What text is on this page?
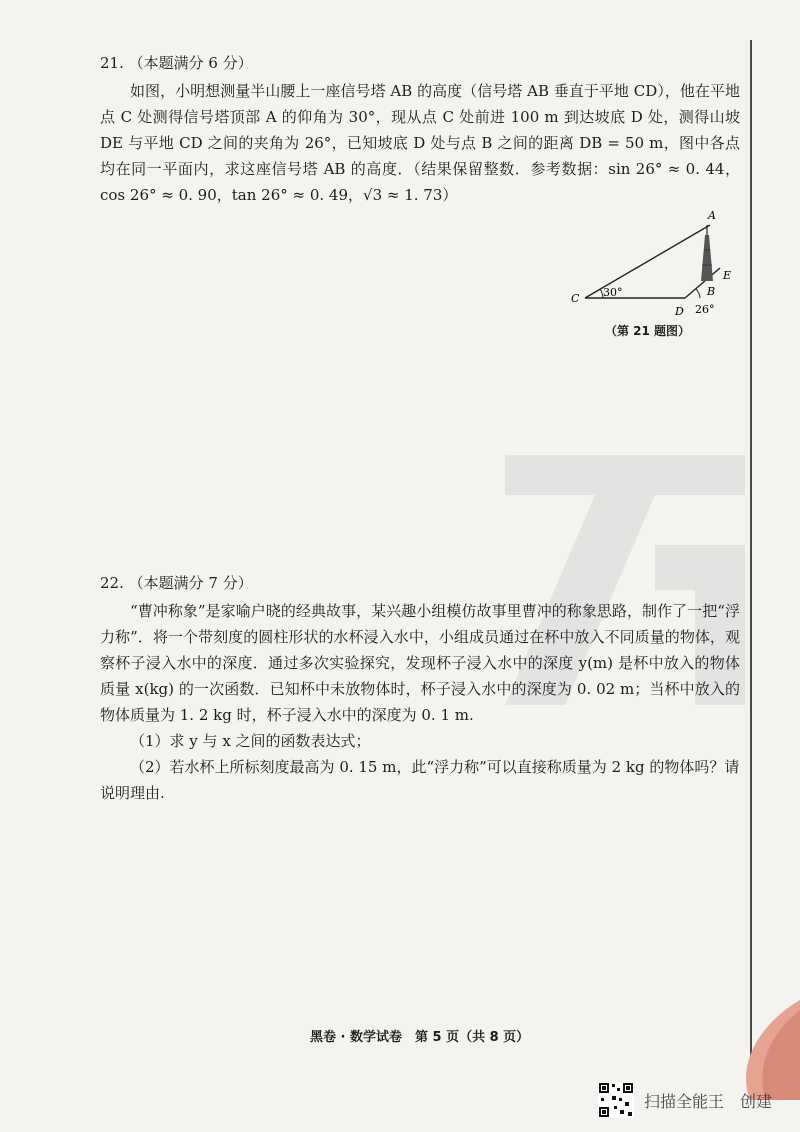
21. （本题满分 6 分）

如图，小明想测量半山腰上一座信号塔 AB 的高度（信号塔 AB 垂直于平地 CD），他在平地点 C 处测得信号塔顶部 A 的仰角为 30°，现从点 C 处前进 100 m 到达坡底 D 处，测得山坡 DE 与平地 CD 之间的夹角为 26°，已知坡底 D 处与点 B 之间的距离 DB = 50 m，图中各点均在同一平面内，求这座信号塔 AB 的高度．（结果保留整数．参考数据：sin 26° ≈ 0. 44，cos 26° ≈ 0. 90，tan 26° ≈ 0. 49，√3 ≈ 1. 73）

A
B
C
D
E
30°
26°
（第 21 题图）

22. （本题满分 7 分）

“曹冲称象”是家喻户晓的经典故事，某兴趣小组模仿故事里曹冲的称象思路，制作了一把“浮力称”．将一个带刻度的圆柱形状的水杯浸入水中，小组成员通过在杯中放入不同质量的物体，观察杯子浸入水中的深度．通过多次实验探究，发现杯子浸入水中的深度 y(m) 是杯中放入的物体质量 x(kg) 的一次函数．已知杯中未放物体时，杯子浸入水中的深度为 0. 02 m；当杯中放入的物体质量为 1. 2 kg 时，杯子浸入水中的深度为 0. 1 m.

（1）求 y 与 x 之间的函数表达式；

（2）若水杯上所标刻度最高为 0. 15 m，此“浮力称”可以直接称质量为 2 kg 的物体吗？请说明理由.

黑卷 · 数学试卷　第 5 页（共 8 页）
扫描全能王　创建
